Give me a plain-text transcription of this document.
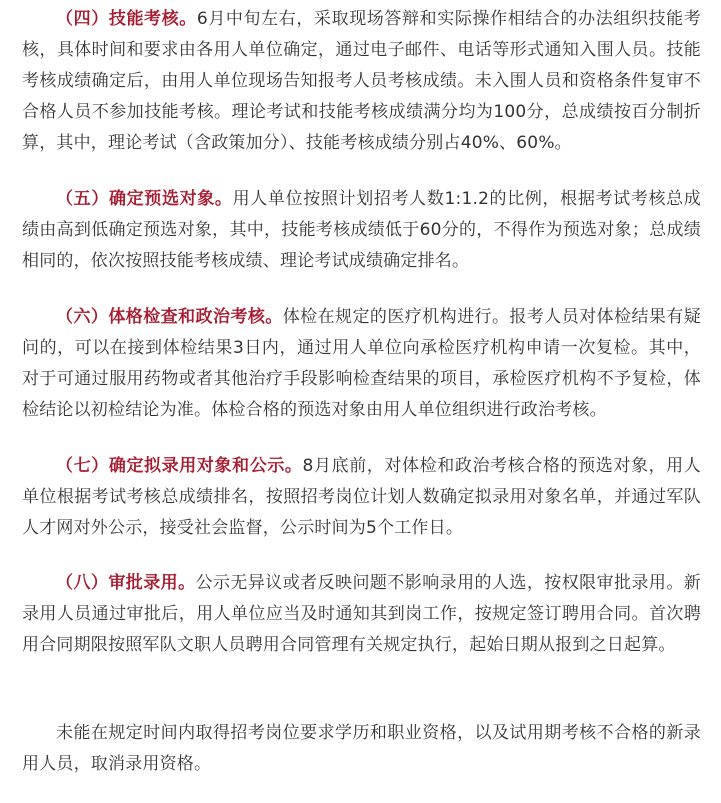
（四）技能考核。6月中旬左右，采取现场答辩和实际操作相结合的办法组织技能考核，具体时间和要求由各用人单位确定，通过电子邮件、电话等形式通知入围人员。技能考核成绩确定后，由用人单位现场告知报考人员考核成绩。未入围人员和资格条件复审不合格人员不参加技能考核。理论考试和技能考核成绩满分均为100分，总成绩按百分制折算，其中，理论考试（含政策加分）、技能考核成绩分别占40%、60%。

（五）确定预选对象。用人单位按照计划招考人数1:1.2的比例，根据考试考核总成绩由高到低确定预选对象，其中，技能考核成绩低于60分的，不得作为预选对象；总成绩相同的，依次按照技能考核成绩、理论考试成绩确定排名。

（六）体格检查和政治考核。体检在规定的医疗机构进行。报考人员对体检结果有疑问的，可以在接到体检结果3日内，通过用人单位向承检医疗机构申请一次复检。其中，对于可通过服用药物或者其他治疗手段影响检查结果的项目，承检医疗机构不予复检，体检结论以初检结论为准。体检合格的预选对象由用人单位组织进行政治考核。

（七）确定拟录用对象和公示。8月底前，对体检和政治考核合格的预选对象，用人单位根据考试考核总成绩排名，按照招考岗位计划人数确定拟录用对象名单，并通过军队人才网对外公示，接受社会监督，公示时间为5个工作日。

（八）审批录用。公示无异议或者反映问题不影响录用的人选，按权限审批录用。新录用人员通过审批后，用人单位应当及时通知其到岗工作，按规定签订聘用合同。首次聘用合同期限按照军队文职人员聘用合同管理有关规定执行，起始日期从报到之日起算。

未能在规定时间内取得招考岗位要求学历和职业资格，以及试用期考核不合格的新录用人员，取消录用资格。
